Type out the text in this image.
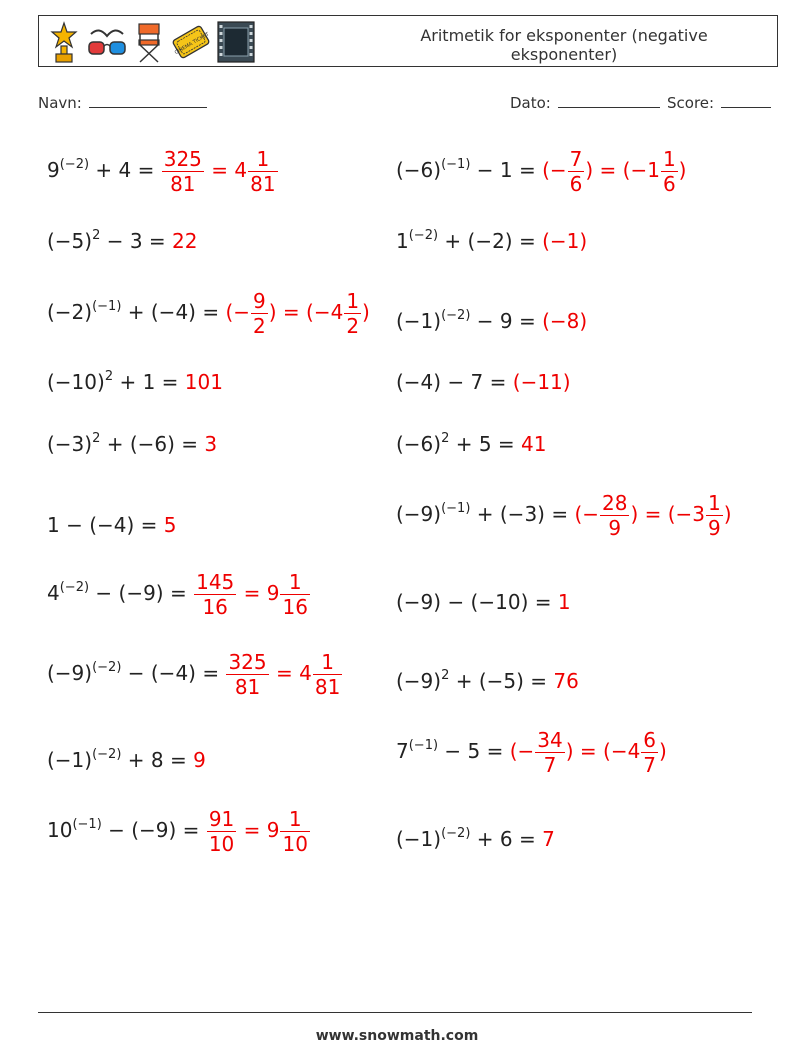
CINEMA TICKET	Aritmetik for eksponenter (negative eksponenter)
Navn:	Dato:	Score:
$9^{(-2)} + 4 = \frac{325}{81} = 4 \frac{1}{81}$
$(-5)^2 - 3 = 22$
$(-2)^{(-1)} + (-4)$ = (− $\frac{9}{2}$ ) = ($-4 \frac{1}{2}$ )
$(-10)^2 + 1 = 101$
$(-3)^2 + (-6) = 3$
1 − (−4) = 5
$4^{(-2)} - (-9) = \frac{145}{16} = 9 \frac{1}{16}$
$(-9)^{(-2)} - (-4) = \frac{325}{81} = 4 \frac{1}{81}$
$(-1)^{(-2)} + 8 = 9$
$10^{(-1)} - (-9) = \frac{91}{10} = 9 \frac{1}{10}$
$(-6)^{(-1)} - 1$ = (− $\frac{7}{6}$ ) = ($-1 \frac{1}{6}$ )
$1^{(-2)} + (-2) = (-1)$
$(-1)^{(-2)} - 9 = (-8)$
(−4) − 7 = (−11)
$(-6)^2 + 5 = 41$
$(-9)^{(-1)} + (-3)$ = (− $\frac{28}{9}$ ) = ($-3 \frac{1}{9}$ )
(−9) − (−10) = 1
$(-9)^2 + (-5) = 76$
$7^{(-1)} - 5$ = (− $\frac{34}{7}$ ) = ($-4 \frac{6}{7}$ )
$(-1)^{(-2)} + 6 = 7$
www.snowmath.com
